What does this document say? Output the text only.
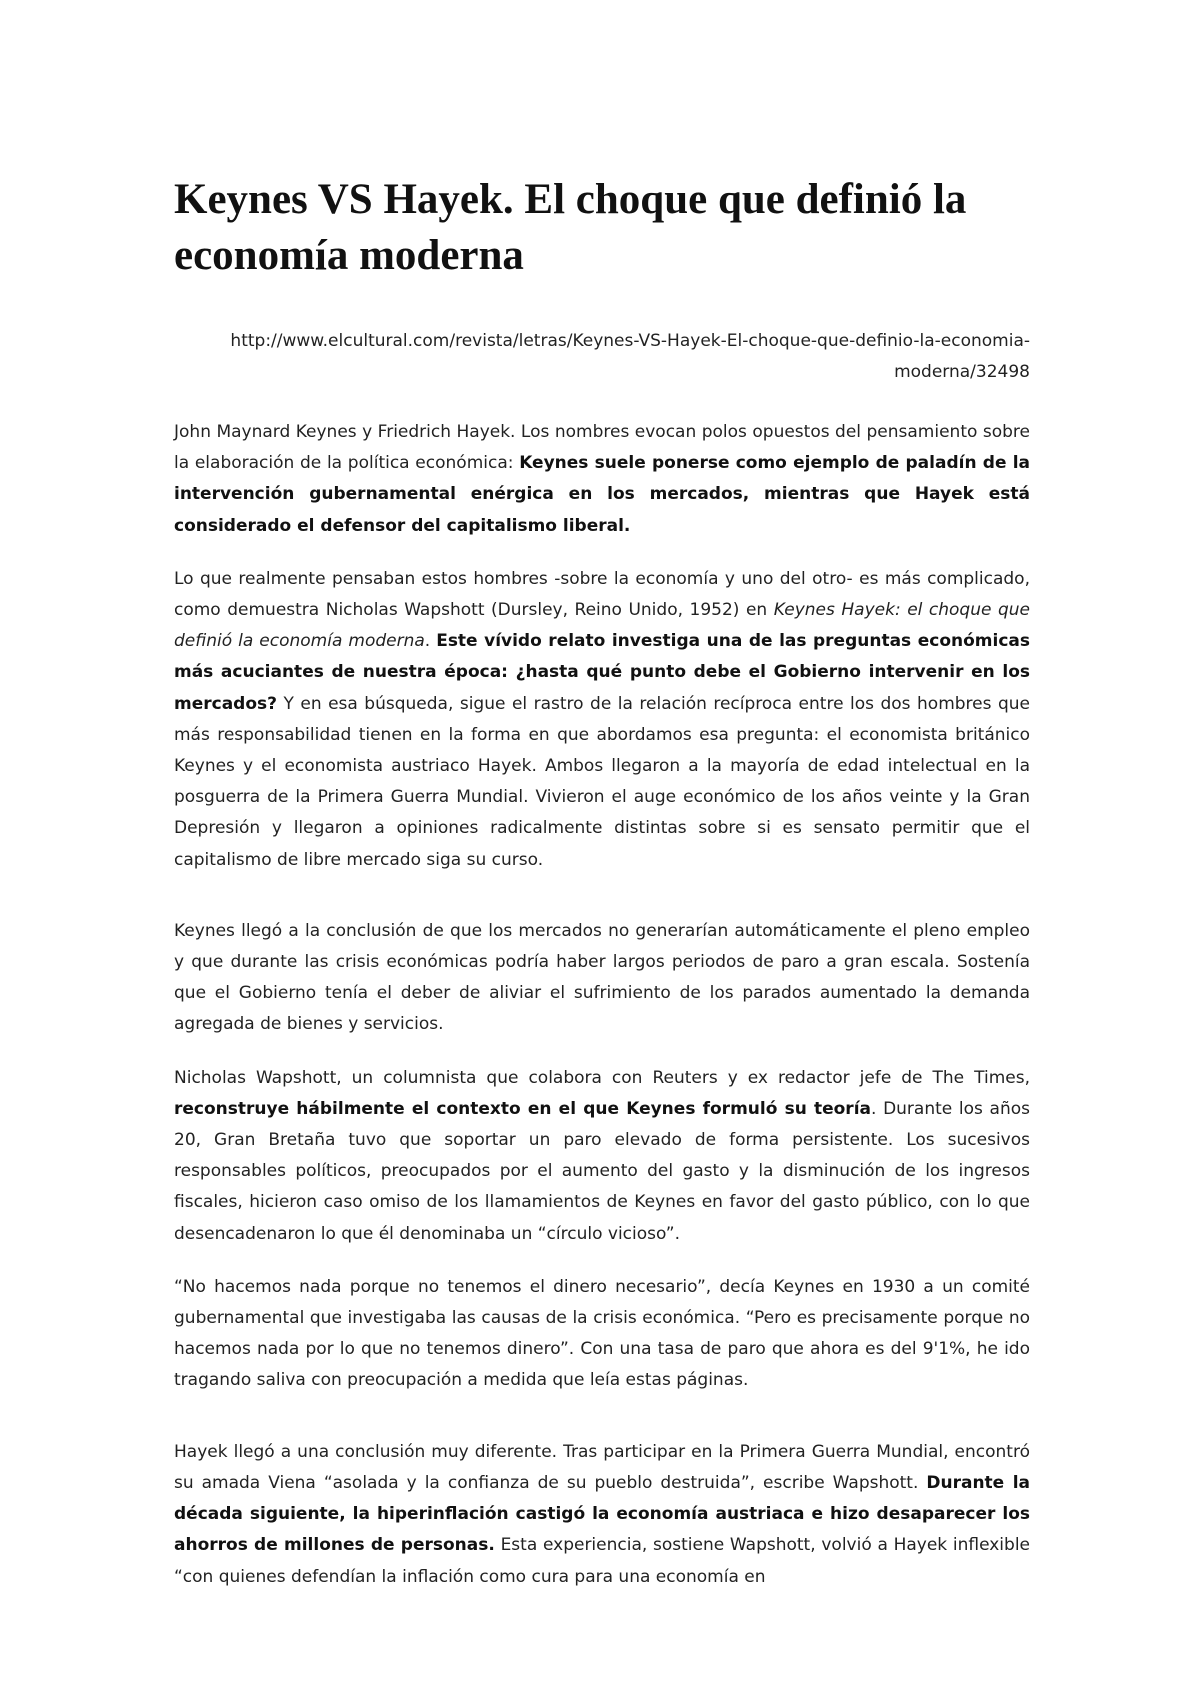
Keynes VS Hayek. El choque que definió la economía moderna
http://www.elcultural.com/revista/letras/Keynes-VS-Hayek-El-choque-que-definio-la-economia-moderna/32498

John Maynard Keynes y Friedrich Hayek. Los nombres evocan polos opuestos del pensamiento sobre la elaboración de la política económica: Keynes suele ponerse como ejemplo de paladín de la intervención gubernamental enérgica en los mercados, mientras que Hayek está considerado el defensor del capitalismo liberal.

Lo que realmente pensaban estos hombres -sobre la economía y uno del otro- es más complicado, como demuestra Nicholas Wapshott (Dursley, Reino Unido, 1952) en Keynes Hayek: el choque que definió la economía moderna. Este vívido relato investiga una de las preguntas económicas más acuciantes de nuestra época: ¿hasta qué punto debe el Gobierno intervenir en los mercados? Y en esa búsqueda, sigue el rastro de la relación recíproca entre los dos hombres que más responsabilidad tienen en la forma en que abordamos esa pregunta: el economista británico Keynes y el economista austriaco Hayek. Ambos llegaron a la mayoría de edad intelectual en la posguerra de la Primera Guerra Mundial. Vivieron el auge económico de los años veinte y la Gran Depresión y llegaron a opiniones radicalmente distintas sobre si es sensato permitir que el capitalismo de libre mercado siga su curso.

Keynes llegó a la conclusión de que los mercados no generarían automáticamente el pleno empleo y que durante las crisis económicas podría haber largos periodos de paro a gran escala. Sostenía que el Gobierno tenía el deber de aliviar el sufrimiento de los parados aumentado la demanda agregada de bienes y servicios.

Nicholas Wapshott, un columnista que colabora con Reuters y ex redactor jefe de The Times, reconstruye hábilmente el contexto en el que Keynes formuló su teoría. Durante los años 20, Gran Bretaña tuvo que soportar un paro elevado de forma persistente. Los sucesivos responsables políticos, preocupados por el aumento del gasto y la disminución de los ingresos fiscales, hicieron caso omiso de los llamamientos de Keynes en favor del gasto público, con lo que desencadenaron lo que él denominaba un “círculo vicioso”.

“No hacemos nada porque no tenemos el dinero necesario”, decía Keynes en 1930 a un comité gubernamental que investigaba las causas de la crisis económica. “Pero es precisamente porque no hacemos nada por lo que no tenemos dinero”. Con una tasa de paro que ahora es del 9'1%, he ido tragando saliva con preocupación a medida que leía estas páginas.

Hayek llegó a una conclusión muy diferente. Tras participar en la Primera Guerra Mundial, encontró su amada Viena “asolada y la confianza de su pueblo destruida”, escribe Wapshott. Durante la década siguiente, la hiperinflación castigó la economía austriaca e hizo desaparecer los ahorros de millones de personas. Esta experiencia, sostiene Wapshott, volvió a Hayek inflexible “con quienes defendían la inflación como cura para una economía en
